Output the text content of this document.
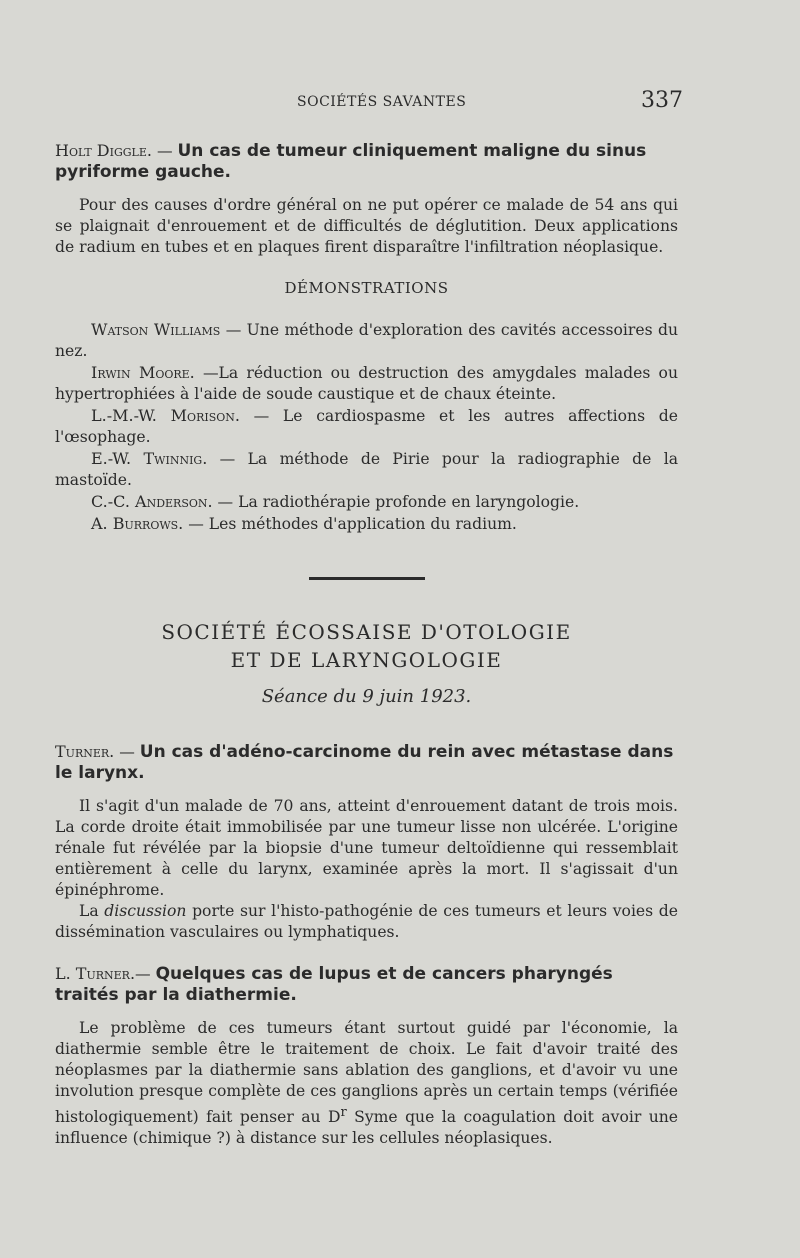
SOCIÉTÉS SAVANTES	337

Holt Diggle. — Un cas de tumeur cliniquement maligne du sinus pyriforme gauche.

Pour des causes d'ordre général on ne put opérer ce malade de 54 ans qui se plaignait d'enrouement et de difficultés de déglutition. Deux applications de radium en tubes et en plaques firent disparaître l'infiltration néoplasique.

DÉMONSTRATIONS

Watson Williams — Une méthode d'exploration des cavités accessoires du nez.

Irwin Moore. —La réduction ou destruction des amygdales malades ou hypertrophiées à l'aide de soude caustique et de chaux éteinte.

L.-M.-W. Morison. — Le cardiospasme et les autres affections de l'œsophage.

E.-W. Twinnig. — La méthode de Pirie pour la radiographie de la mastoïde.

C.-C. Anderson. — La radiothérapie profonde en laryngologie.

A. Burrows. — Les méthodes d'application du radium.

SOCIÉTÉ ÉCOSSAISE D'OTOLOGIE

ET DE LARYNGOLOGIE

Séance du 9 juin 1923.

Turner. — Un cas d'adéno-carcinome du rein avec métastase dans le larynx.

Il s'agit d'un malade de 70 ans, atteint d'enrouement datant de trois mois. La corde droite était immobilisée par une tumeur lisse non ulcérée. L'origine rénale fut révélée par la biopsie d'une tumeur deltoïdienne qui ressemblait entièrement à celle du larynx, examinée après la mort. Il s'agissait d'un épinéphrome.

La discussion porte sur l'histo-pathogénie de ces tumeurs et leurs voies de dissémination vasculaires ou lymphatiques.

L. Turner.— Quelques cas de lupus et de cancers pharyngés traités par la diathermie.

Le problème de ces tumeurs étant surtout guidé par l'économie, la diathermie semble être le traitement de choix. Le fait d'avoir traité des néoplasmes par la diathermie sans ablation des ganglions, et d'avoir vu une involution presque complète de ces ganglions après un certain temps (vérifiée histologiquement) fait penser au $D^r$ Syme que la coagulation doit avoir une influence (chimique ?) à distance sur les cellules néoplasiques.
